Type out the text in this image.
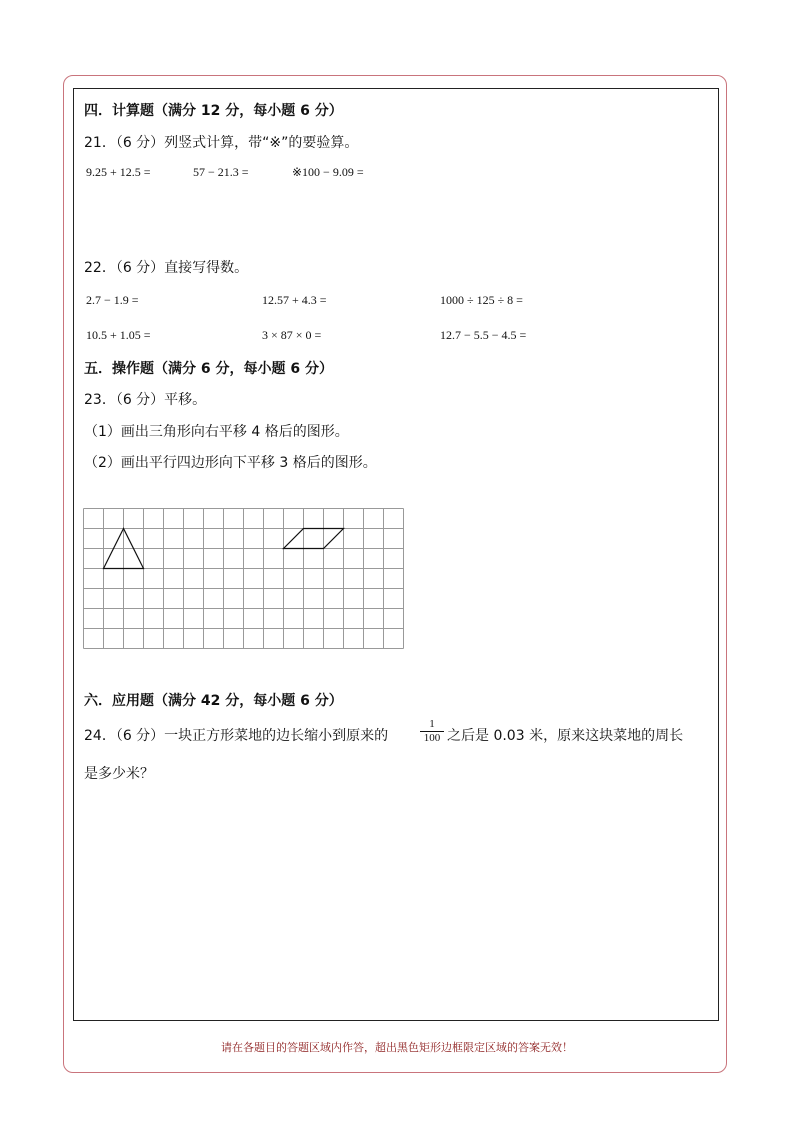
四．计算题（满分 12 分，每小题 6 分）
21．（6 分）列竖式计算，带“※”的要验算。
9.25 + 12.5 =	57 − 21.3 =	※100 − 9.09 =
22．（6 分）直接写得数。
2.7 − 1.9 =	12.57 + 4.3 =	1000 ÷ 125 ÷ 8 =
10.5 + 1.05 =	3 × 87 × 0 =	12.7 − 5.5 − 4.5 =
五．操作题（满分 6 分，每小题 6 分）
23．（6 分）平移。
（1）画出三角形向右平移 4 格后的图形。
（2）画出平行四边形向下平移 3 格后的图形。
六．应用题（满分 42 分，每小题 6 分）
24．（6 分）一块正方形菜地的边长缩小到原来的	$\frac{1}{100}$ 之后是 0.03 米，原来这块菜地的周长
是多少米？
请在各题目的答题区域内作答，超出黑色矩形边框限定区域的答案无效！
